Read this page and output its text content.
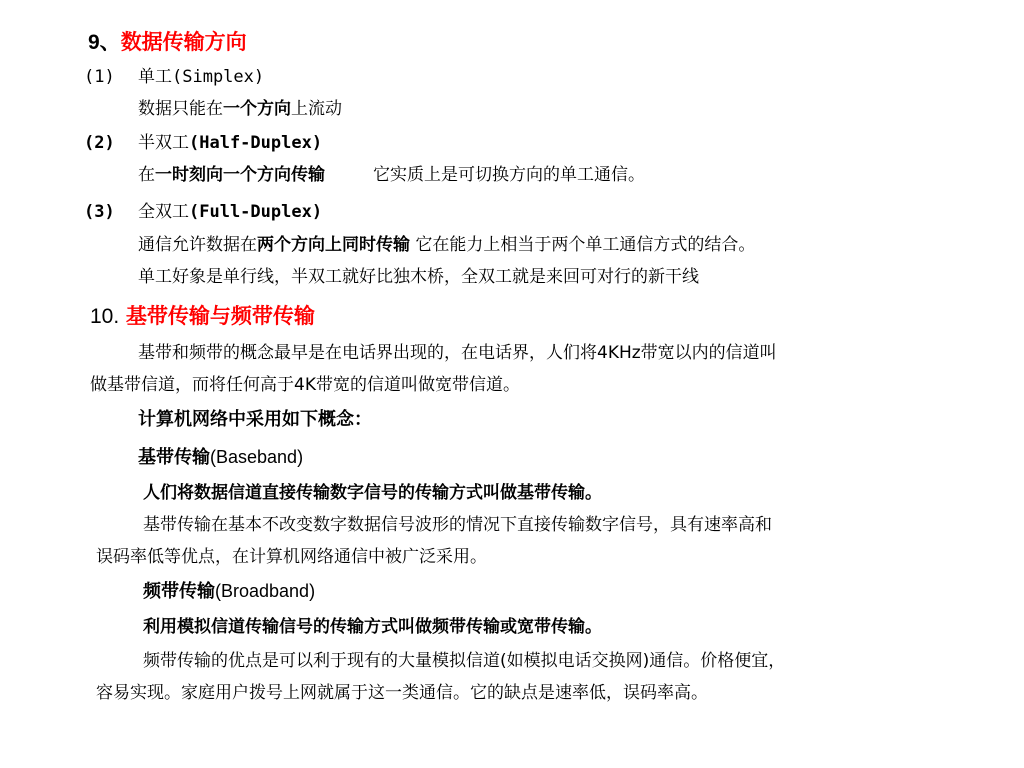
9、数据传输方向
(1) 单工(Simplex)
数据只能在一个方向上流动
(2) 半双工(Half-Duplex)
在一时刻向一个方向传输	它实质上是可切换方向的单工通信。
(3) 全双工(Full-Duplex)
通信允许数据在两个方向上同时传输 它在能力上相当于两个单工通信方式的结合。
单工好象是单行线，半双工就好比独木桥，全双工就是来回可对行的新干线
10. 基带传输与频带传输
基带和频带的概念最早是在电话界出现的，在电话界，人们将4KHz带宽以内的信道叫
做基带信道，而将任何高于4K带宽的信道叫做宽带信道。
计算机网络中采用如下概念：
基带传输(Baseband)
人们将数据信道直接传输数字信号的传输方式叫做基带传输。
基带传输在基本不改变数字数据信号波形的情况下直接传输数字信号，具有速率高和
误码率低等优点，在计算机网络通信中被广泛采用。
频带传输(Broadband)
利用模拟信道传输信号的传输方式叫做频带传输或宽带传输。
频带传输的优点是可以利于现有的大量模拟信道(如模拟电话交换网)通信。价格便宜，
容易实现。家庭用户拨号上网就属于这一类通信。它的缺点是速率低，误码率高。
